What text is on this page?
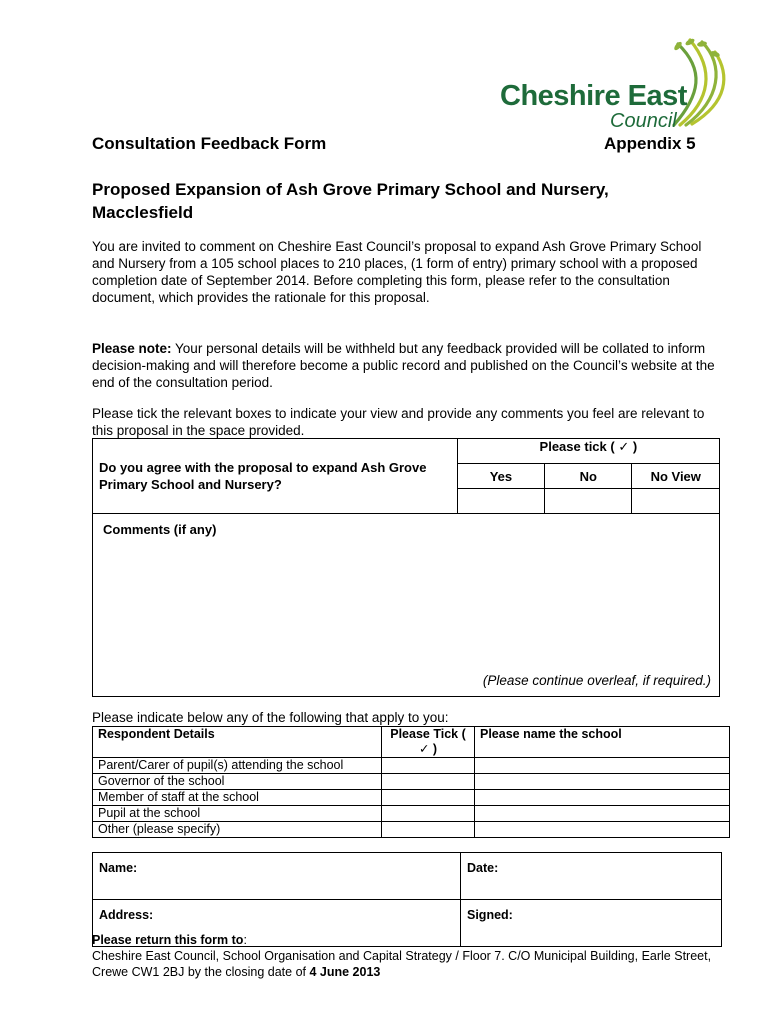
Cheshire East
Council
Consultation Feedback Form	Appendix 5
Proposed Expansion of Ash Grove Primary School and Nursery, Macclesfield
You are invited to comment on Cheshire East Council’s proposal to expand Ash Grove Primary School and Nursery from a 105 school places to 210 places, (1 form of entry) primary school with a proposed completion date of September 2014. Before completing this form, please refer to the consultation document, which provides the rationale for this proposal.
Please note: Your personal details will be withheld but any feedback provided will be collated to inform decision-making and will therefore become a public record and published on the Council’s website at the end of the consultation period.
Please tick the relevant boxes to indicate your view and provide any comments you feel are relevant to this proposal in the space provided.
Do you agree with the proposal to expand Ash Grove Primary School and Nursery?	Please tick ( ✓ )		
	Yes	No	No View

Comments (if any)
(Please continue overleaf, if required.)
Please indicate below any of the following that apply to you:
Respondent Details	Please Tick ( ✓ )	Please name the school
Parent/Carer of pupil(s) attending the school		
Governor of the school		
Member of staff at the school		
Pupil at the school		
Other (please specify)		
Name:	Date:
Address:	Signed:
Please return this form to:
Cheshire East Council, School Organisation and Capital Strategy / Floor 7. C/O Municipal Building, Earle Street, Crewe CW1 2BJ by the closing date of 4 June 2013
